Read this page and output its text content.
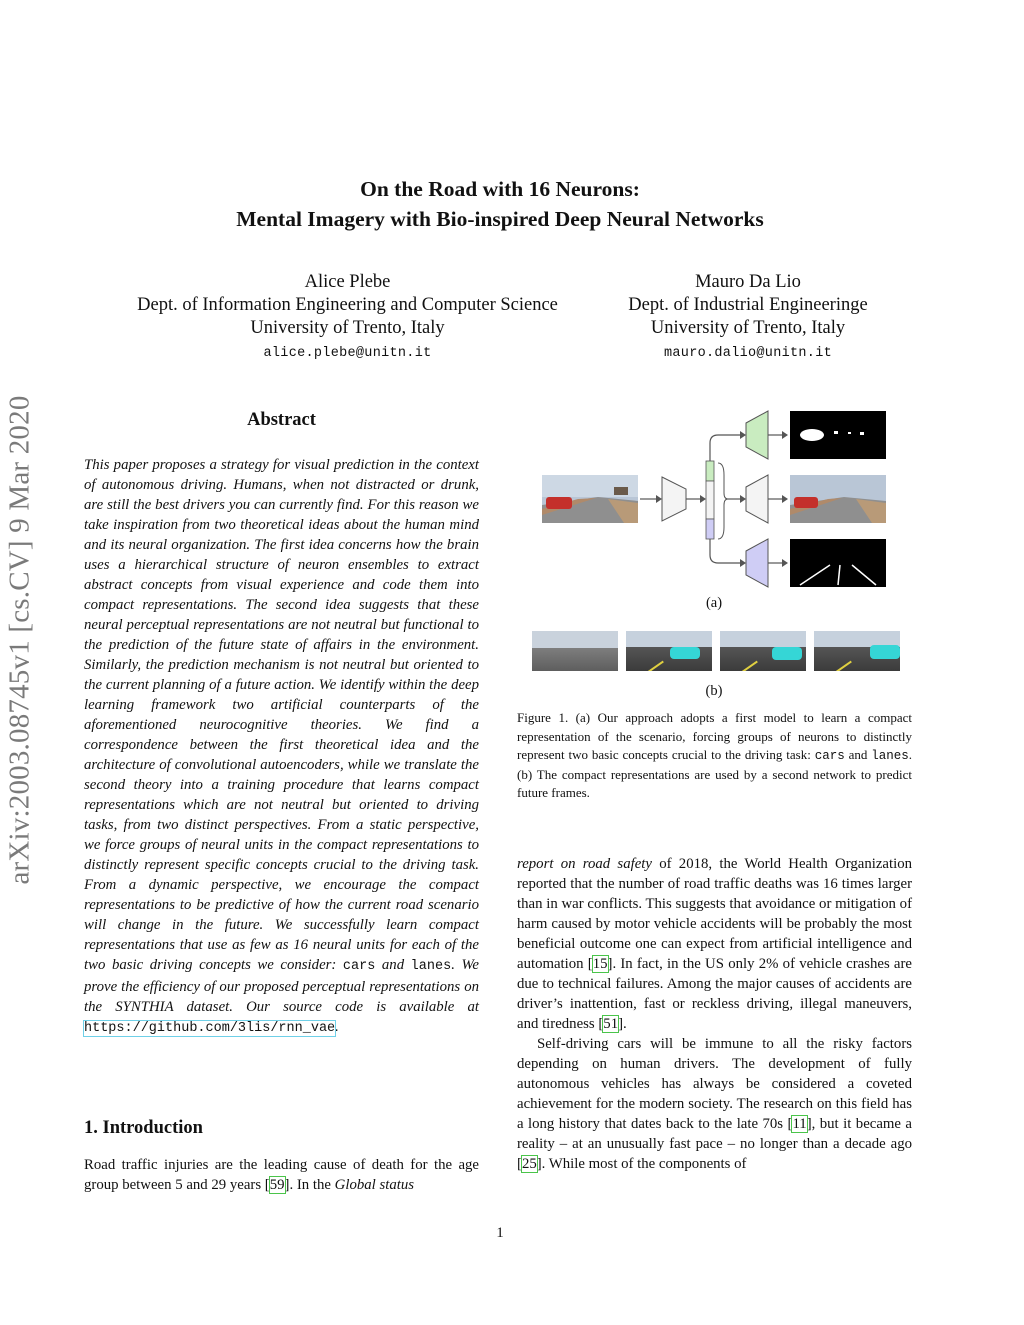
arXiv:2003.08745v1 [cs.CV] 9 Mar 2020
On the Road with 16 Neurons:
Mental Imagery with Bio-inspired Deep Neural Networks
Alice Plebe
Dept. of Information Engineering and Computer Science
University of Trento, Italy
alice.plebe@unitn.it
Mauro Da Lio
Dept. of Industrial Engineeringe
University of Trento, Italy
mauro.dalio@unitn.it
Abstract
This paper proposes a strategy for visual prediction in the context of autonomous driving. Humans, when not distracted or drunk, are still the best drivers you can currently find. For this reason we take inspiration from two theoretical ideas about the human mind and its neural organization. The first idea concerns how the brain uses a hierarchical structure of neuron ensembles to extract abstract concepts from visual experience and code them into compact representations. The second idea suggests that these neural perceptual representations are not neutral but functional to the prediction of the future state of affairs in the environment. Similarly, the prediction mechanism is not neutral but oriented to the current planning of a future action. We identify within the deep learning framework two artificial counterparts of the aforementioned neurocognitive theories. We find a correspondence between the first theoretical idea and the architecture of convolutional autoencoders, while we translate the second theory into a training procedure that learns compact representations which are not neutral but oriented to driving tasks, from two distinct perspectives. From a static perspective, we force groups of neural units in the compact representations to distinctly represent specific concepts crucial to the driving task. From a dynamic perspective, we encourage the compact representations to be predictive of how the current road scenario will change in the future. We successfully learn compact representations that use as few as 16 neural units for each of the two basic driving concepts we consider: cars and lanes. We prove the efficiency of our proposed perceptual representations on the SYNTHIA dataset. Our source code is available at https://github.com/3lis/rnn_vae.
1. Introduction
Road traffic injuries are the leading cause of death for the age group between 5 and 29 years [59]. In the Global status
(a)
(b)
Figure 1. (a) Our approach adopts a first model to learn a compact representation of the scenario, forcing groups of neurons to distinctly represent two basic concepts crucial to the driving task: cars and lanes. (b) The compact representations are used by a second network to predict future frames.

report on road safety of 2018, the World Health Organization reported that the number of road traffic deaths was 16 times larger than in war conflicts. This suggests that avoidance or mitigation of harm caused by motor vehicle accidents will be probably the most beneficial outcome one can expect from artificial intelligence and automation [15]. In fact, in the US only 2% of vehicle crashes are due to technical failures. Among the major causes of accidents are driver’s inattention, fast or reckless driving, illegal maneuvers, and tiredness [51].

Self-driving cars will be immune to all the risky factors depending on human drivers. The development of fully autonomous vehicles has always be considered a coveted achievement for the modern society. The research on this field has a long history that dates back to the late 70s [11], but it became a reality – at an unusually fast pace – no longer than a decade ago [25]. While most of the components of

1
